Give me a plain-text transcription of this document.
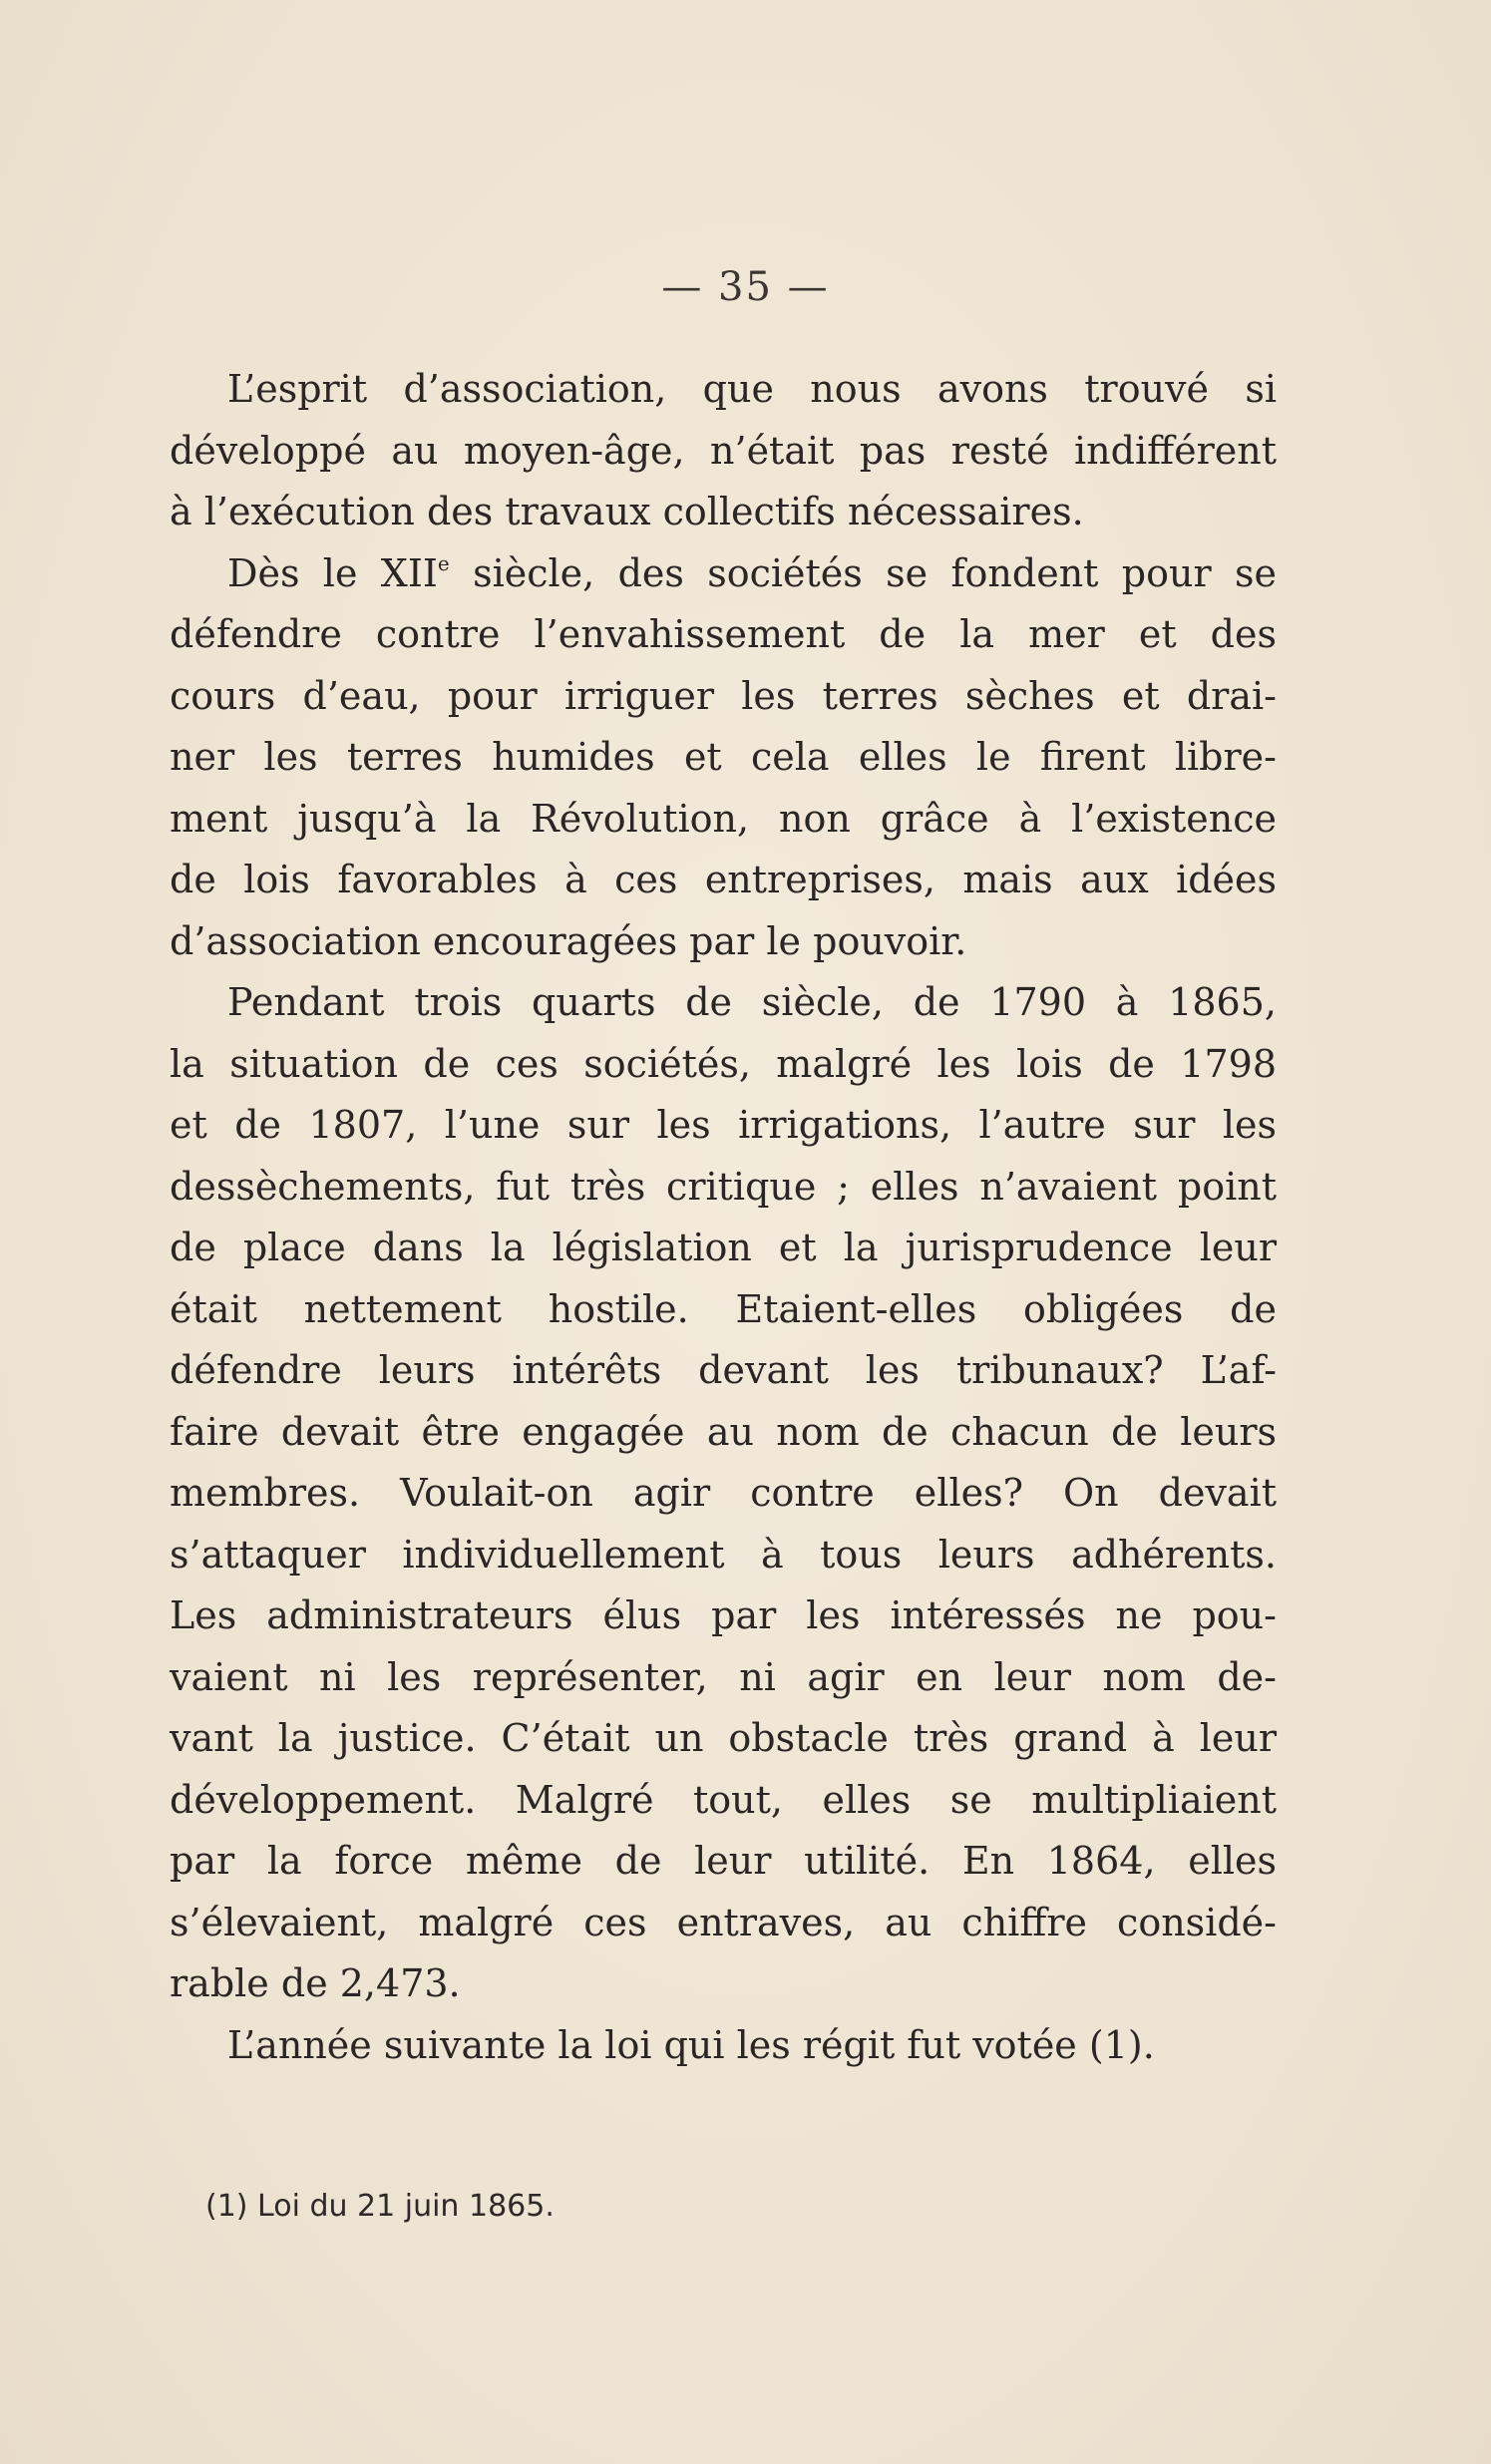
— 35 —
L’esprit d’association, que nous avons trouvé si
développé au moyen-âge, n’était pas resté indifférent
à l’exécution des travaux collectifs nécessaires.
Dès le XIIe siècle, des sociétés se fondent pour se
défendre contre l’envahissement de la mer et des
cours d’eau, pour irriguer les terres sèches et drai-
ner les terres humides et cela elles le firent libre-
ment jusqu’à la Révolution, non grâce à l’existence
de lois favorables à ces entreprises, mais aux idées
d’association encouragées par le pouvoir.
Pendant trois quarts de siècle, de 1790 à 1865,
la situation de ces sociétés, malgré les lois de 1798
et de 1807, l’une sur les irrigations, l’autre sur les
dessèchements, fut très critique ; elles n’avaient point
de place dans la législation et la jurisprudence leur
était nettement hostile. Etaient-elles obligées de
défendre leurs intérêts devant les tribunaux? L’af-
faire devait être engagée au nom de chacun de leurs
membres. Voulait-on agir contre elles? On devait
s’attaquer individuellement à tous leurs adhérents.
Les administrateurs élus par les intéressés ne pou-
vaient ni les représenter, ni agir en leur nom de-
vant la justice. C’était un obstacle très grand à leur
développement. Malgré tout, elles se multipliaient
par la force même de leur utilité. En 1864, elles
s’élevaient, malgré ces entraves, au chiffre considé-
rable de 2,473.
L’année suivante la loi qui les régit fut votée (1).
(1) Loi du 21 juin 1865.
